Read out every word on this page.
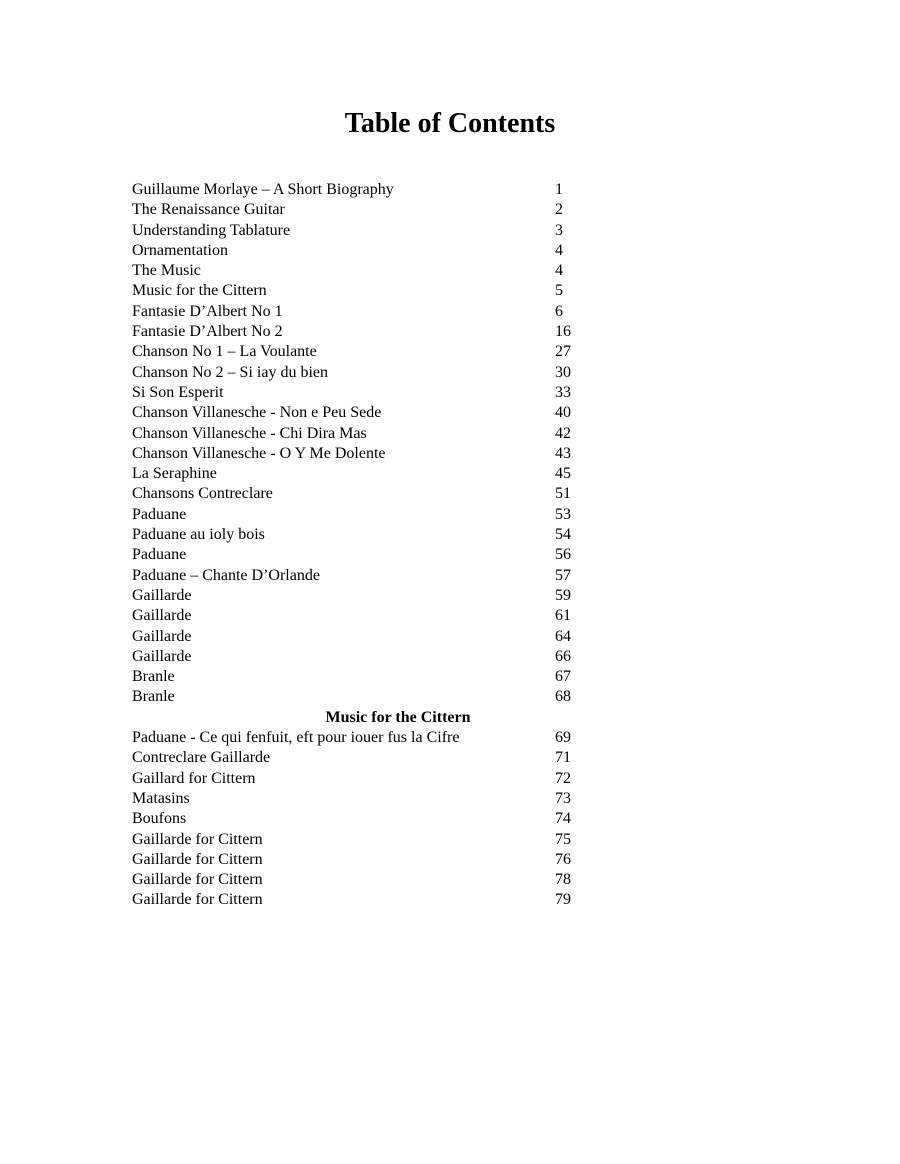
Table of Contents
Guillaume Morlaye – A Short Biography	1
The Renaissance Guitar	2
Understanding Tablature	3
Ornamentation	4
The Music	4
Music for the Cittern	5
Fantasie D’Albert No 1	6
Fantasie D’Albert No 2	16
Chanson No 1 – La Voulante	27
Chanson No 2 – Si iay du bien	30
Si Son Esperit	33
Chanson Villanesche - Non e Peu Sede	40
Chanson Villanesche - Chi Dira Mas	42
Chanson Villanesche - O Y Me Dolente	43
La Seraphine	45
Chansons Contreclare	51
Paduane	53
Paduane au ioly bois	54
Paduane	56
Paduane – Chante D’Orlande	57
Gaillarde	59
Gaillarde	61
Gaillarde	64
Gaillarde	66
Branle	67
Branle	68
Music for the Cittern
Paduane - Ce qui fenfuit, eft pour iouer fus la Cifre	69
Contreclare Gaillarde	71
Gaillard for Cittern	72
Matasins	73
Boufons	74
Gaillarde for Cittern	75
Gaillarde for Cittern	76
Gaillarde for Cittern	78
Gaillarde for Cittern	79
